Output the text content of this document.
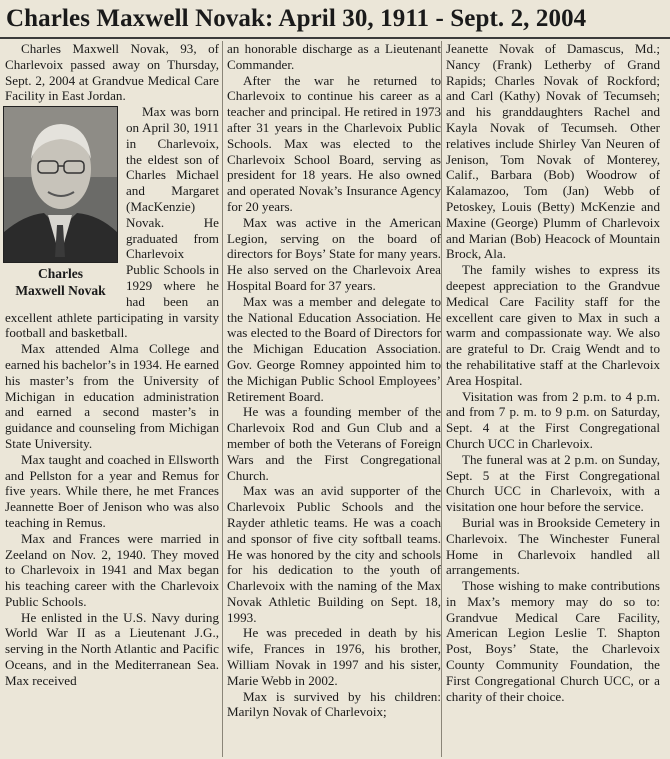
Charles Maxwell Novak: April 30, 1911 - Sept. 2, 2004

Charles Maxwell Novak, 93, of Charlevoix passed away on Thursday, Sept. 2, 2004 at Grandvue Medical Care Facility in East Jordan.

Charles
Maxwell Novak

Max was born on April 30, 1911 in Charlevoix, the eldest son of Charles Michael and Margaret (MacKenzie) Novak. He graduated from Charlevoix Public Schools in 1929 where he had been an excellent athlete participating in varsity football and basketball.

Max attended Alma College and earned his bachelor’s in 1934. He earned his master’s from the University of Michigan in education administration and earned a second master’s in guidance and counseling from Michigan State University.

Max taught and coached in Ellsworth and Pellston for a year and Remus for five years. While there, he met Frances Jeannette Boer of Jenison who was also teaching in Remus.

Max and Frances were married in Zeeland on Nov. 2, 1940. They moved to Charlevoix in 1941 and Max began his teaching career with the Charlevoix Public Schools.

He enlisted in the U.S. Navy during World War II as a Lieutenant J.G., serving in the North Atlantic and Pacific Oceans, and in the Mediterranean Sea. Max received

an honorable discharge as a Lieutenant Commander.

After the war he returned to Charlevoix to continue his career as a teacher and principal. He retired in 1973 after 31 years in the Charlevoix Public Schools. Max was elected to the Charlevoix School Board, serving as president for 18 years. He also owned and operated Novak’s Insurance Agency for 20 years.

Max was active in the American Legion, serving on the board of directors for Boys’ State for many years. He also served on the Charlevoix Area Hospital Board for 37 years.

Max was a member and delegate to the National Education Association. He was elected to the Board of Directors for the Michigan Education Association. Gov. George Romney appointed him to the Michigan Public School Employees’ Retirement Board.

He was a founding member of the Charlevoix Rod and Gun Club and a member of both the Veterans of Foreign Wars and the First Congregational Church.

Max was an avid supporter of the Charlevoix Public Schools and the Rayder athletic teams. He was a coach and sponsor of five city softball teams. He was honored by the city and schools for his dedication to the youth of Charlevoix with the naming of the Max Novak Athletic Building on Sept. 18, 1993.

He was preceded in death by his wife, Frances in 1976, his brother, William Novak in 1997 and his sister, Marie Webb in 2002.

Max is survived by his children: Marilyn Novak of Charlevoix;

Jeanette Novak of Damascus, Md.; Nancy (Frank) Letherby of Grand Rapids; Charles Novak of Rockford; and Carl (Kathy) Novak of Tecumseh; and his granddaughters Rachel and Kayla Novak of Tecumseh. Other relatives include Shirley Van Neuren of Jenison, Tom Novak of Monterey, Calif., Barbara (Bob) Woodrow of Kalamazoo, Tom (Jan) Webb of Petoskey, Louis (Betty) McKenzie and Maxine (George) Plumm of Charlevoix and Marian (Bob) Heacock of Mountain Brock, Ala.

The family wishes to express its deepest appreciation to the Grandvue Medical Care Facility staff for the excellent care given to Max in such a warm and compassionate way. We also are grateful to Dr. Craig Wendt and to the rehabilitative staff at the Charlevoix Area Hospital.

Visitation was from 2 p.m. to 4 p.m. and from 7 p. m. to 9 p.m. on Saturday, Sept. 4 at the First Congregational Church UCC in Charlevoix.

The funeral was at 2 p.m. on Sunday, Sept. 5 at the First Congregational Church UCC in Charlevoix, with a visitation one hour before the service.

Burial was in Brookside Cemetery in Charlevoix. The Winchester Funeral Home in Charlevoix handled all arrangements.

Those wishing to make contributions in Max’s memory may do so to: Grandvue Medical Care Facility, American Legion Leslie T. Shapton Post, Boys’ State, the Charlevoix County Community Foundation, the First Congregational Church UCC, or a charity of their choice.
